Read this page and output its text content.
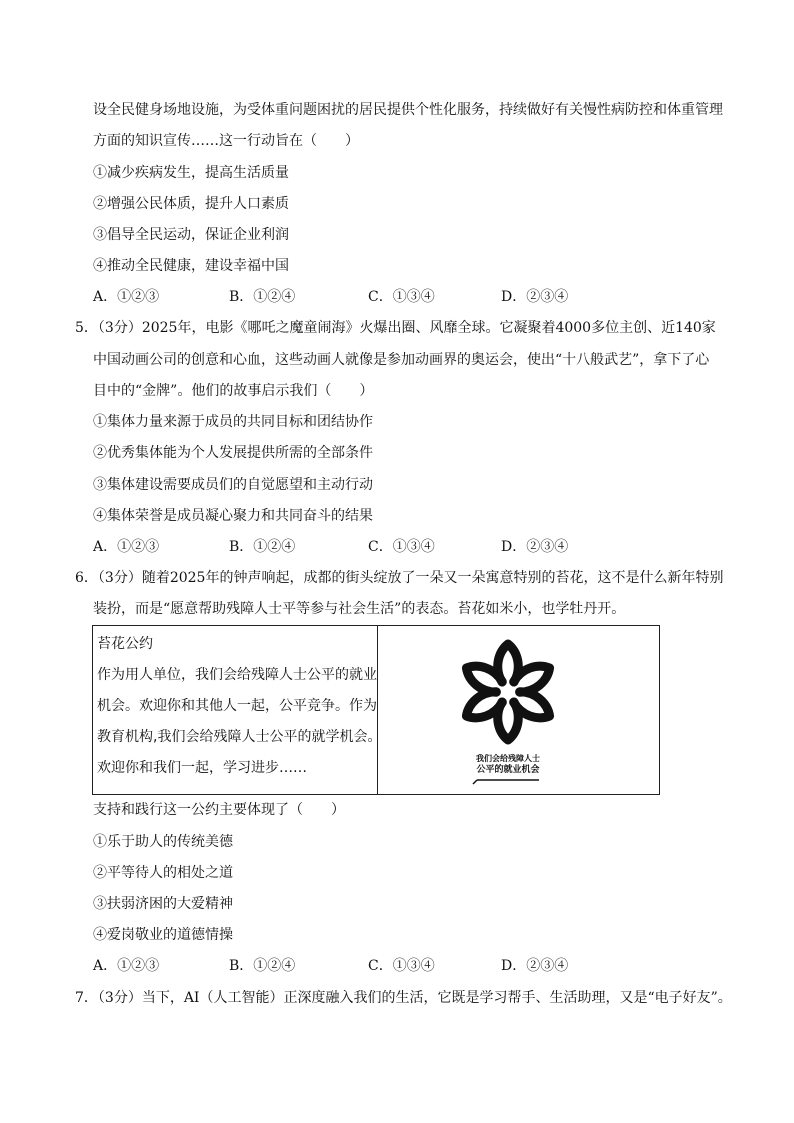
设全民健身场地设施，为受体重问题困扰的居民提供个性化服务，持续做好有关慢性病防控和体重管理
方面的知识宣传……这一行动旨在（　　）
①减少疾病发生，提高生活质量
②增强公民体质，提升人口素质
③倡导全民运动，保证企业利润
④推动全民健康，建设幸福中国
A．①②③	B．①②④	C．①③④	D．②③④
5．（3分）2025年，电影《哪吒之魔童闹海》火爆出圈、风靡全球。它凝聚着4000多位主创、近140家
中国动画公司的创意和心血，这些动画人就像是参加动画界的奥运会，使出“十八般武艺”，拿下了心
目中的“金牌”。他们的故事启示我们（　　）
①集体力量来源于成员的共同目标和团结协作
②优秀集体能为个人发展提供所需的全部条件
③集体建设需要成员们的自觉愿望和主动行动
④集体荣誉是成员凝心聚力和共同奋斗的结果
A．①②③	B．①②④	C．①③④	D．②③④
6．（3分）随着2025年的钟声响起，成都的街头绽放了一朵又一朵寓意特别的苔花，这不是什么新年特别
装扮，而是“愿意帮助残障人士平等参与社会生活”的表态。苔花如米小，也学牡丹开。
苔花公约
作为用人单位，我们会给残障人士公平的就业
机会。欢迎你和其他人一起，公平竞争。作为
教育机构,我们会给残障人士公平的就学机会。
欢迎你和我们一起，学习进步……
我们会给残障人士
公平的就业机会
支持和践行这一公约主要体现了（　　）
①乐于助人的传统美德
②平等待人的相处之道
③扶弱济困的大爱精神
④爱岗敬业的道德情操
A．①②③	B．①②④	C．①③④	D．②③④
7．（3分）当下，AI（人工智能）正深度融入我们的生活，它既是学习帮手、生活助理，又是“电子好友”。
